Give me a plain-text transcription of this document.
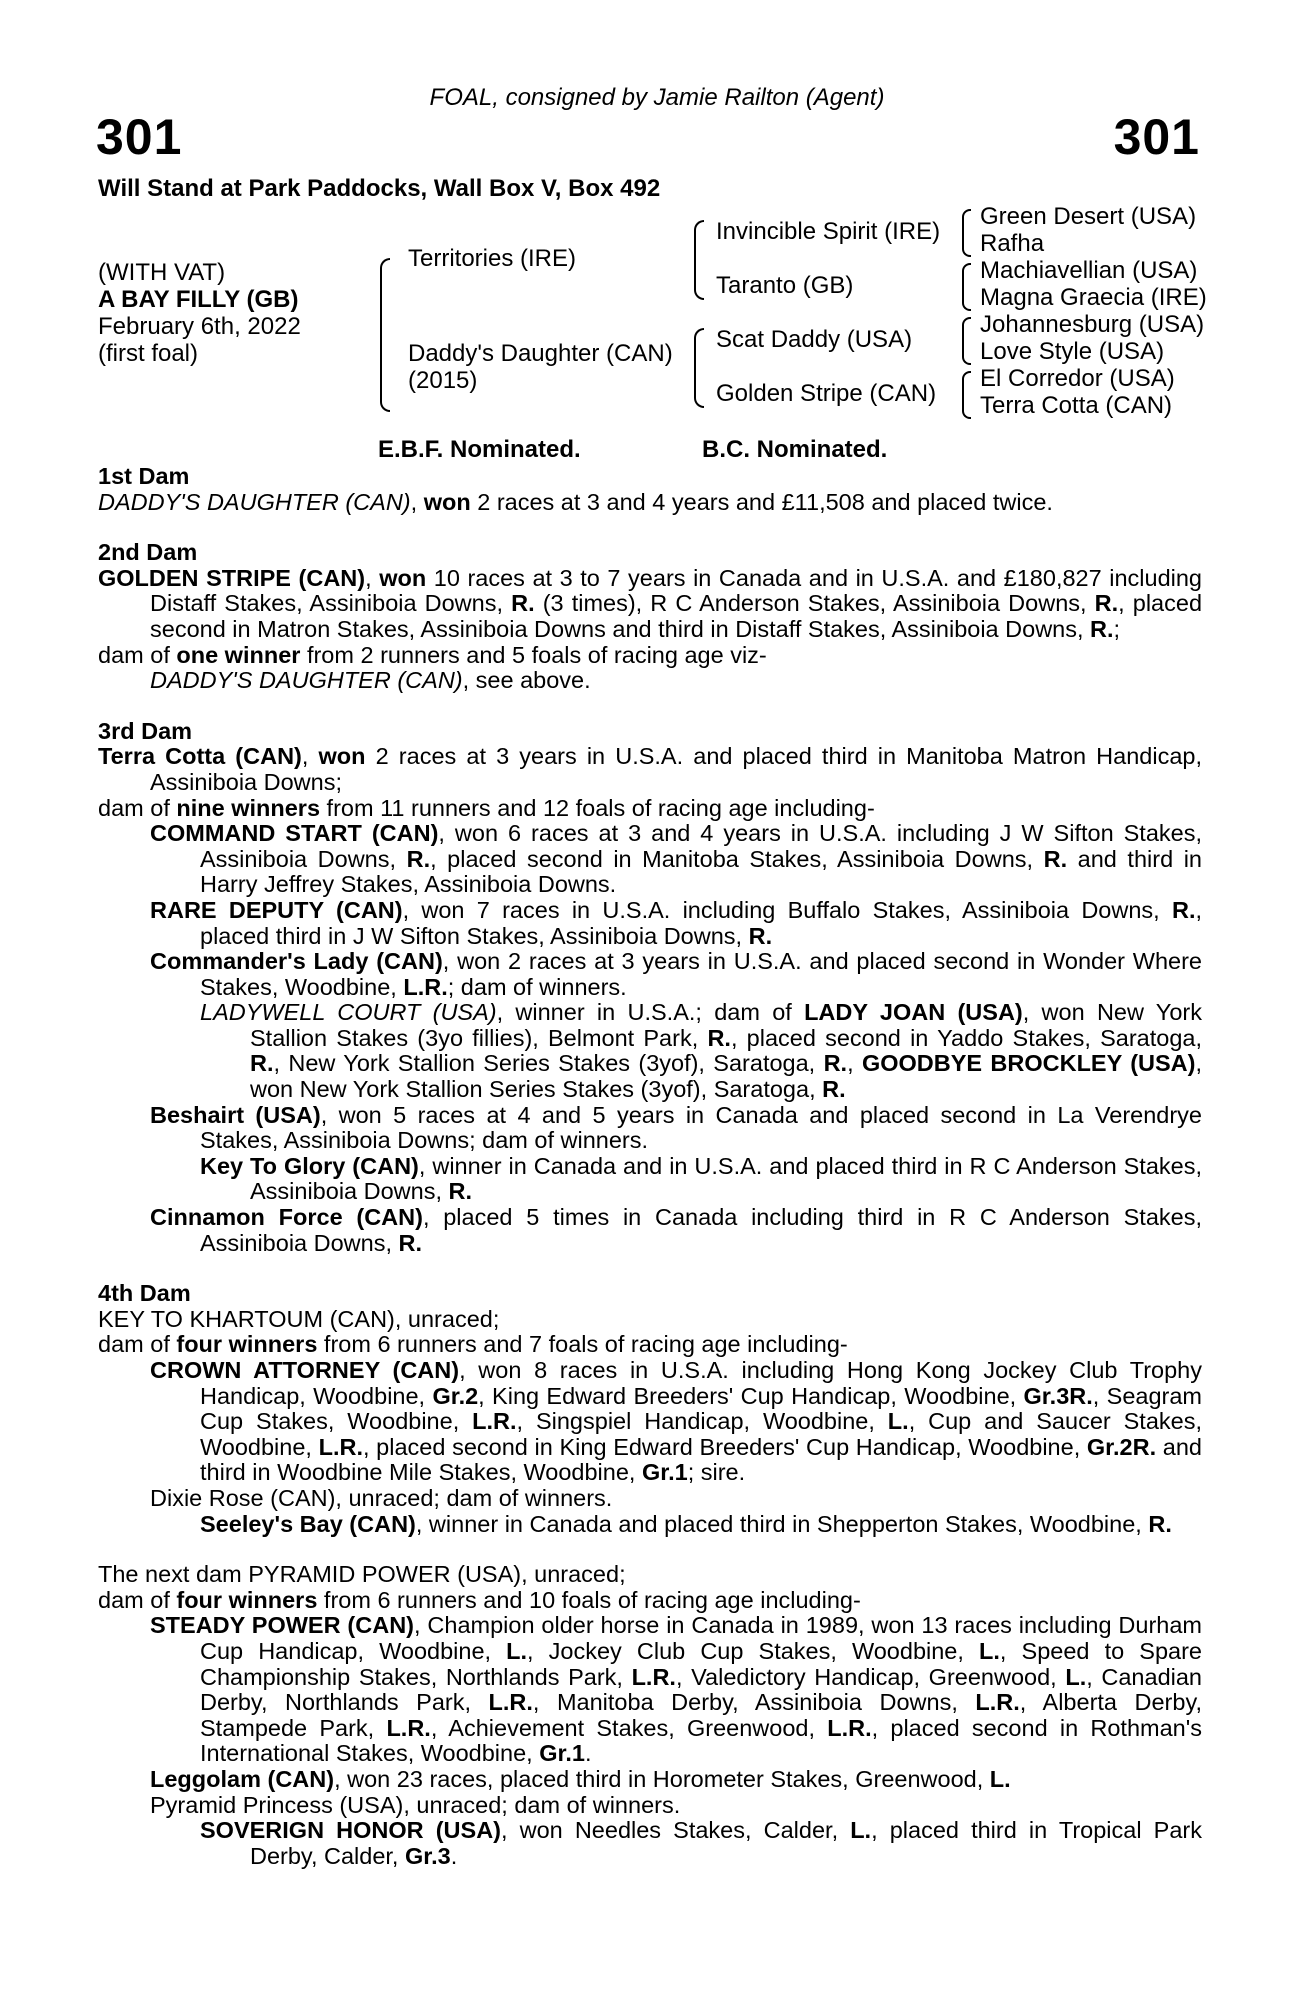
FOAL, consigned by Jamie Railton (Agent)
301	301
Will Stand at Park Paddocks, Wall Box V, Box 492
(WITH VAT)
A BAY FILLY (GB)
February 6th, 2022
(first foal)
Territories (IRE)
Daddy's Daughter (CAN)
(2015)
Invincible Spirit (IRE)
Taranto (GB)
Scat Daddy (USA)
Golden Stripe (CAN)
Green Desert (USA)
Rafha
Machiavellian (USA)
Magna Graecia (IRE)
Johannesburg (USA)
Love Style (USA)
El Corredor (USA)
Terra Cotta (CAN)
E.B.F. Nominated.	B.C. Nominated.

1st Dam

DADDY'S DAUGHTER (CAN), won 2 races at 3 and 4 years and £11,508 and placed twice.

2nd Dam

GOLDEN STRIPE (CAN), won 10 races at 3 to 7 years in Canada and in U.S.A. and £180,827 including Distaff Stakes, Assiniboia Downs, R. (3 times), R C Anderson Stakes, Assiniboia Downs, R., placed second in Matron Stakes, Assiniboia Downs and third in Distaff Stakes, Assiniboia Downs, R.;

dam of one winner from 2 runners and 5 foals of racing age viz-

DADDY'S DAUGHTER (CAN), see above.

3rd Dam

Terra Cotta (CAN), won 2 races at 3 years in U.S.A. and placed third in Manitoba Matron Handicap, Assiniboia Downs;

dam of nine winners from 11 runners and 12 foals of racing age including-

COMMAND START (CAN), won 6 races at 3 and 4 years in U.S.A. including J W Sifton Stakes, Assiniboia Downs, R., placed second in Manitoba Stakes, Assiniboia Downs, R. and third in Harry Jeffrey Stakes, Assiniboia Downs.

RARE DEPUTY (CAN), won 7 races in U.S.A. including Buffalo Stakes, Assiniboia Downs, R., placed third in J W Sifton Stakes, Assiniboia Downs, R.

Commander's Lady (CAN), won 2 races at 3 years in U.S.A. and placed second in Wonder Where Stakes, Woodbine, L.R.; dam of winners.

LADYWELL COURT (USA), winner in U.S.A.; dam of LADY JOAN (USA), won New York Stallion Stakes (3yo fillies), Belmont Park, R., placed second in Yaddo Stakes, Saratoga, R., New York Stallion Series Stakes (3yof), Saratoga, R., GOODBYE BROCKLEY (USA), won New York Stallion Series Stakes (3yof), Saratoga, R.

Beshairt (USA), won 5 races at 4 and 5 years in Canada and placed second in La Verendrye Stakes, Assiniboia Downs; dam of winners.

Key To Glory (CAN), winner in Canada and in U.S.A. and placed third in R C Anderson Stakes, Assiniboia Downs, R.

Cinnamon Force (CAN), placed 5 times in Canada including third in R C Anderson Stakes, Assiniboia Downs, R.

4th Dam

KEY TO KHARTOUM (CAN), unraced;

dam of four winners from 6 runners and 7 foals of racing age including-

CROWN ATTORNEY (CAN), won 8 races in U.S.A. including Hong Kong Jockey Club Trophy Handicap, Woodbine, Gr.2, King Edward Breeders' Cup Handicap, Woodbine, Gr.3R., Seagram Cup Stakes, Woodbine, L.R., Singspiel Handicap, Woodbine, L., Cup and Saucer Stakes, Woodbine, L.R., placed second in King Edward Breeders' Cup Handicap, Woodbine, Gr.2R. and third in Woodbine Mile Stakes, Woodbine, Gr.1; sire.

Dixie Rose (CAN), unraced; dam of winners.

Seeley's Bay (CAN), winner in Canada and placed third in Shepperton Stakes, Woodbine, R.

The next dam PYRAMID POWER (USA), unraced;

dam of four winners from 6 runners and 10 foals of racing age including-

STEADY POWER (CAN), Champion older horse in Canada in 1989, won 13 races including Durham Cup Handicap, Woodbine, L., Jockey Club Cup Stakes, Woodbine, L., Speed to Spare Championship Stakes, Northlands Park, L.R., Valedictory Handicap, Greenwood, L., Canadian Derby, Northlands Park, L.R., Manitoba Derby, Assiniboia Downs, L.R., Alberta Derby, Stampede Park, L.R., Achievement Stakes, Greenwood, L.R., placed second in Rothman's International Stakes, Woodbine, Gr.1.

Leggolam (CAN), won 23 races, placed third in Horometer Stakes, Greenwood, L.

Pyramid Princess (USA), unraced; dam of winners.

SOVERIGN HONOR (USA), won Needles Stakes, Calder, L., placed third in Tropical Park Derby, Calder, Gr.3.
